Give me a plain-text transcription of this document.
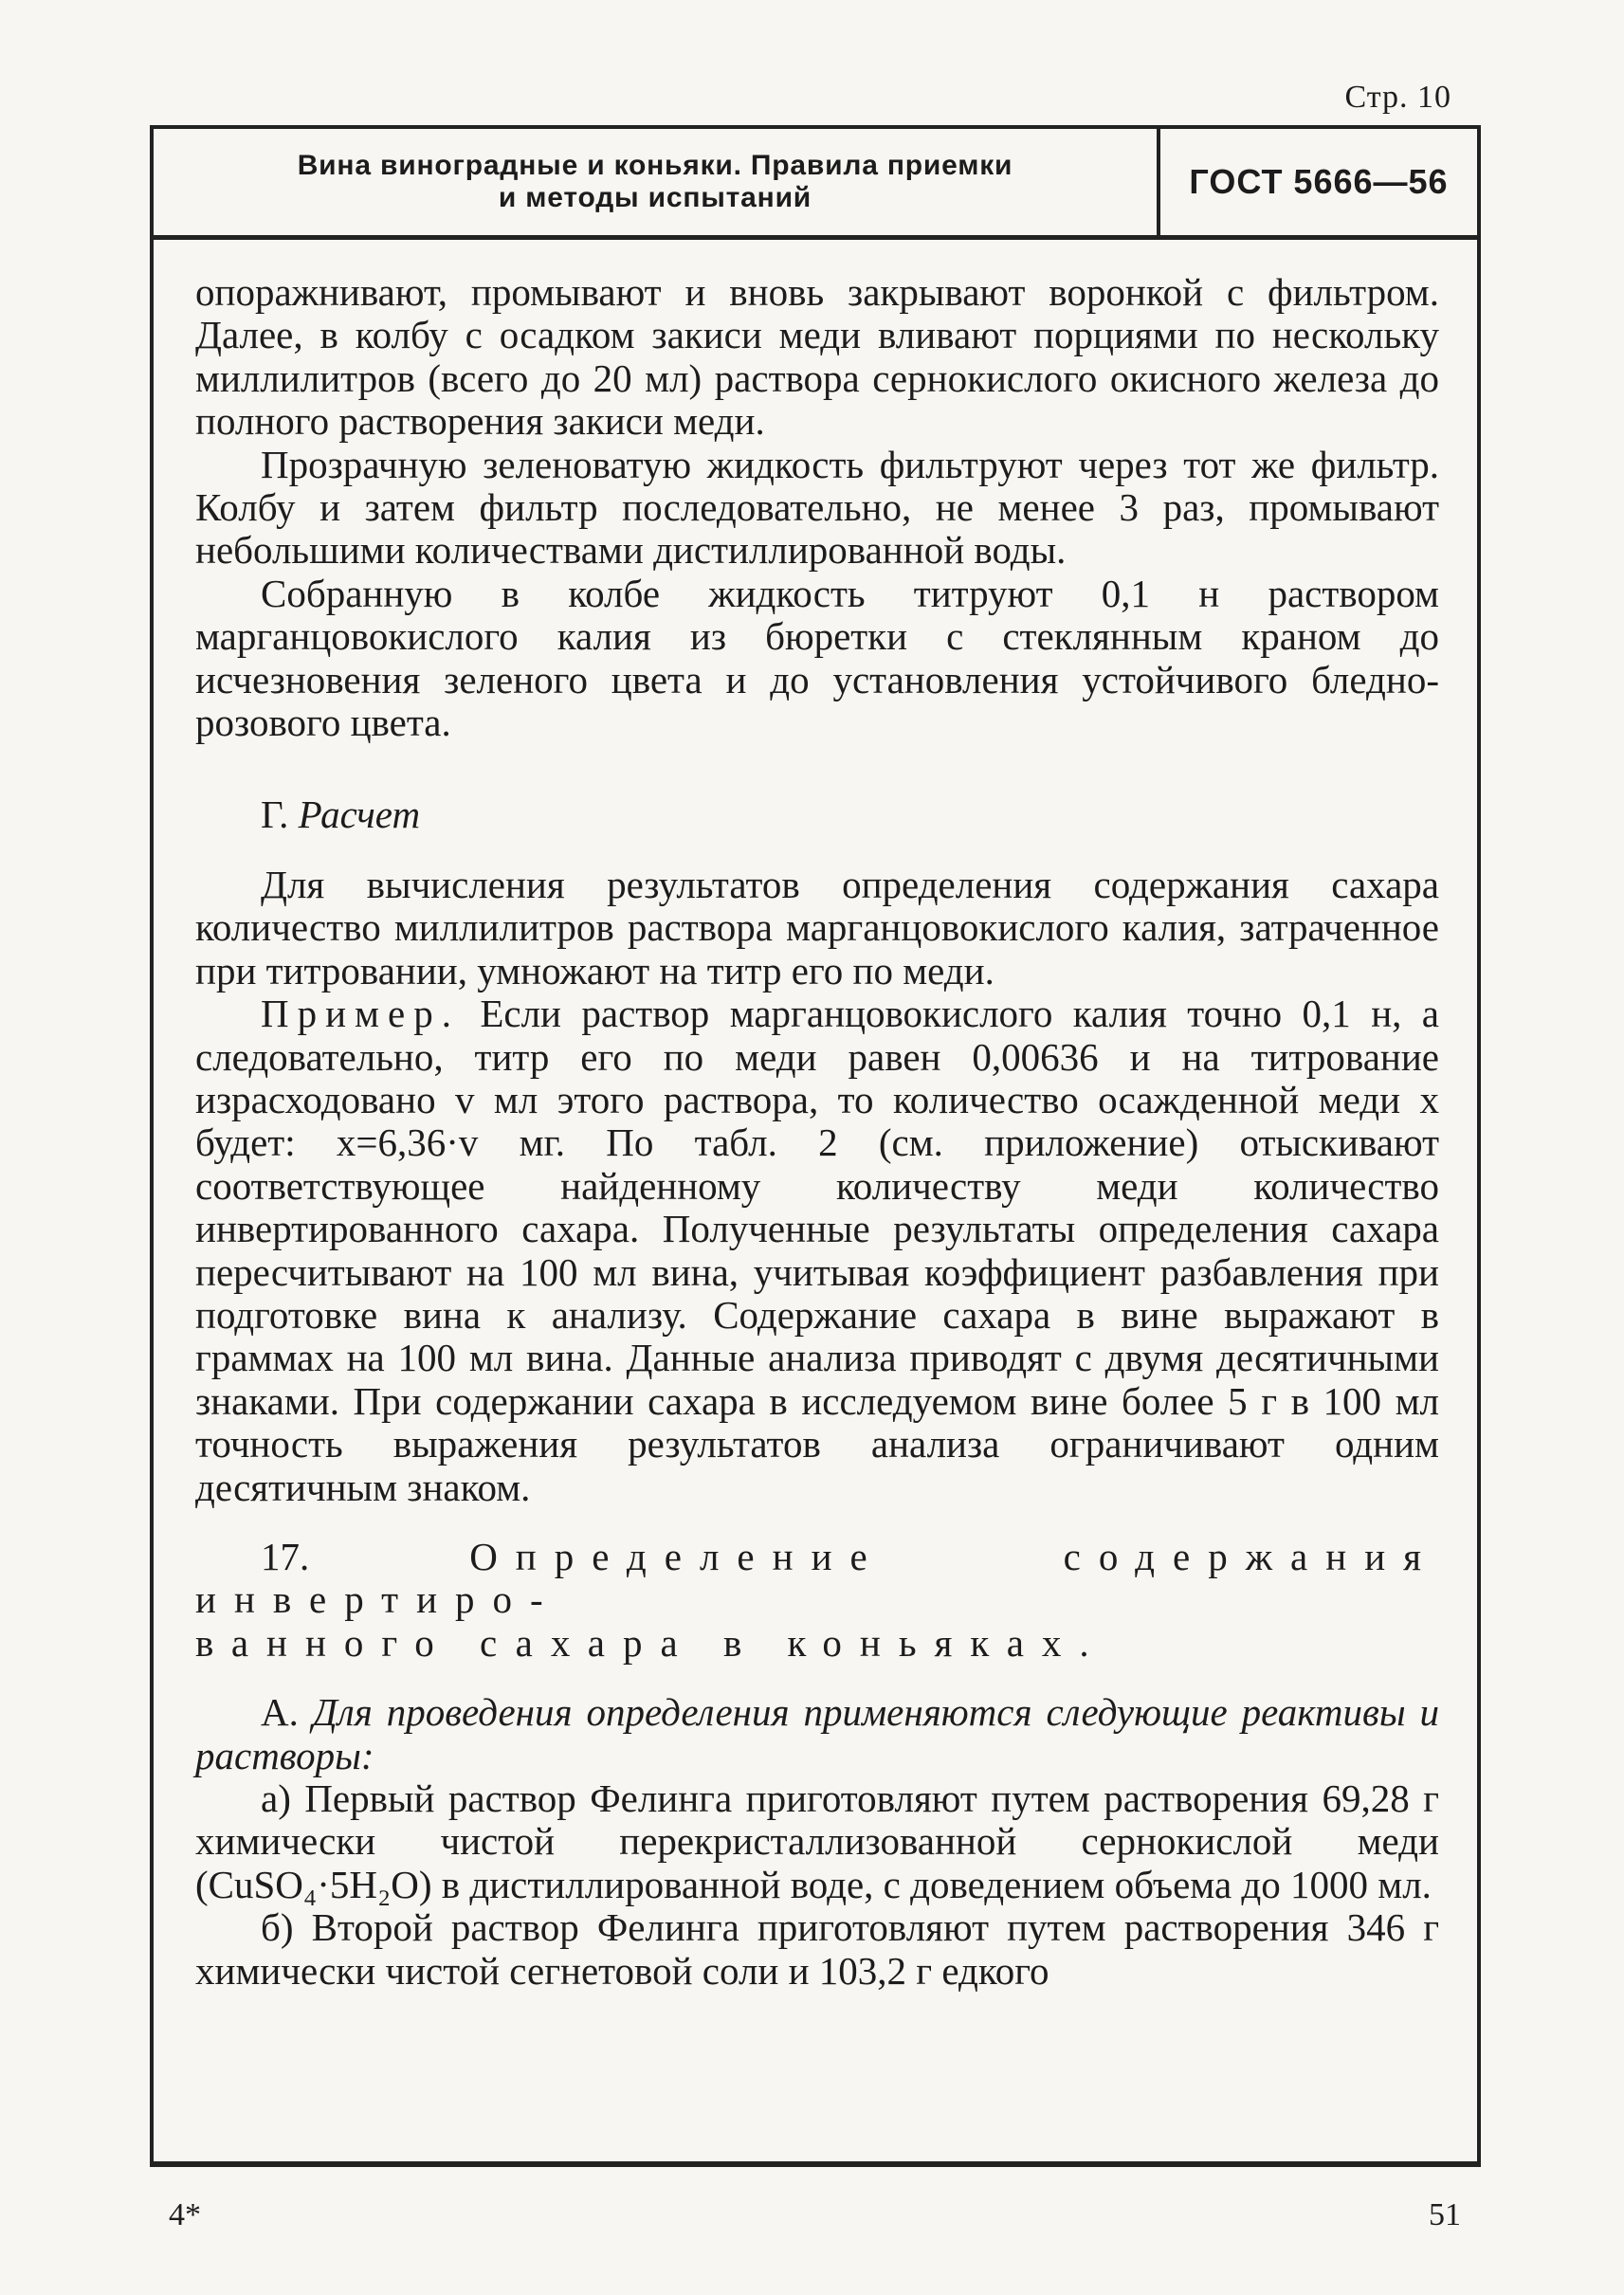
Стр. 10
Вина виноградные и коньяки. Правила приемки
и методы испытаний	ГОСТ 5666—56

опоражнивают, промывают и вновь закрывают воронкой с фильтром. Далее, в колбу с осадком закиси меди вливают порциями по нескольку миллилитров (всего до 20 мл) раствора сернокислого окисного железа до полного растворения закиси меди.

Прозрачную зеленоватую жидкость фильтруют через тот же фильтр. Колбу и затем фильтр последовательно, не менее 3 раз, промывают небольшими количествами дистиллированной воды.

Собранную в колбе жидкость титруют 0,1 н раствором марганцовокислого калия из бюретки с стеклянным краном до исчезновения зеленого цвета и до установления устойчивого бледно-розового цвета.

Г. Расчет

Для вычисления результатов определения содержания сахара количество миллилитров раствора марганцовокислого калия, затраченное при титровании, умножают на титр его по меди.

Пример. Если раствор марганцовокислого калия точно 0,1 н, а следовательно, титр его по меди равен 0,00636 и на титрование израсходовано v мл этого раствора, то количество осажденной меди x будет: x=6,36·v мг. По табл. 2 (см. приложение) отыскивают соответствующее найденному количеству меди количество инвертированного сахара. Полученные результаты определения сахара пересчитывают на 100 мл вина, учитывая коэффициент разбавления при подготовке вина к анализу. Содержание сахара в вине выражают в граммах на 100 мл вина. Данные анализа приводят с двумя десятичными знаками. При содержании сахара в исследуемом вине более 5 г в 100 мл точность выражения результатов анализа ограничивают одним десятичным знаком.

17.	Определение содержания инвертиро-
ванного сахара в коньяках.

А. Для проведения определения применяются следующие реактивы и растворы:

а) Первый раствор Фелинга приготовляют путем растворения 69,28 г химически чистой перекристаллизованной сернокислой меди (CuSO₄·5H₂O) в дистиллированной воде, с доведением объема до 1000 мл.

б) Второй раствор Фелинга приготовляют путем растворения 346 г химически чистой сегнетовой соли и 103,2 г едкого

4*	51
